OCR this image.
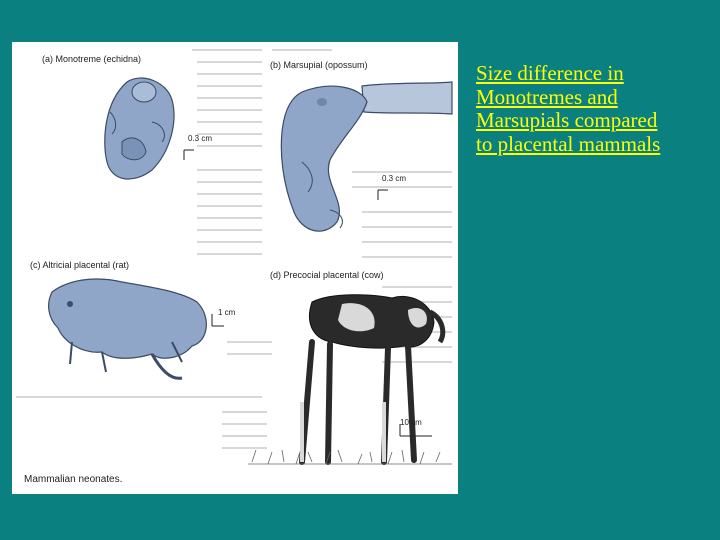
(a) Monotreme (echidna)
0.3 cm
(b) Marsupial (opossum)
0.3 cm
(c) Altricial placental (rat)
1 cm
(d) Precocial placental (cow)
10 cm
Mammalian neonates.
Size difference in
Monotremes and
Marsupials compared
to placental mammals
